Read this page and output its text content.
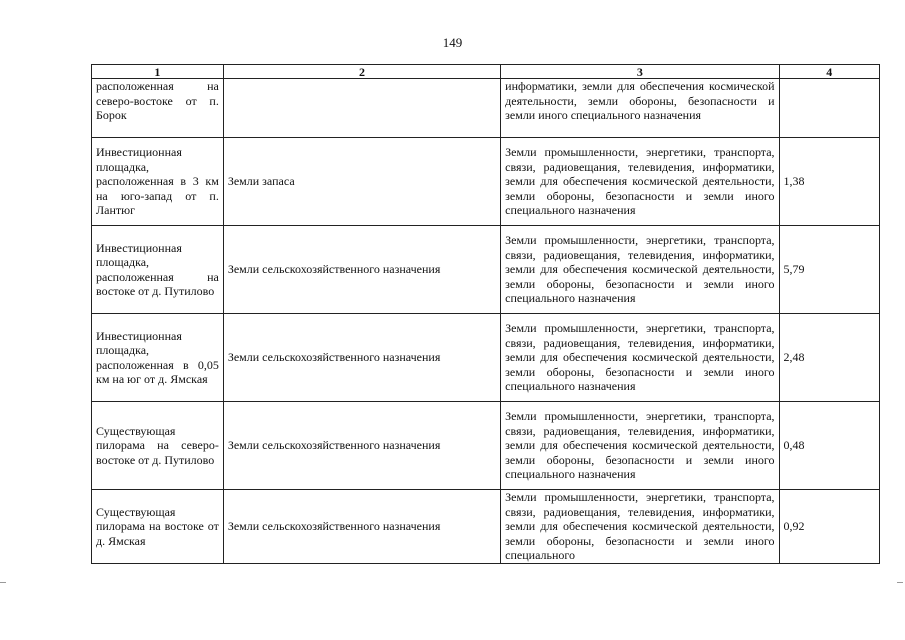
149
1	2	3	4
расположенная на северо-востоке от п. Борок		информатики, земли для обеспечения космической деятельности, земли обороны, безопасности и земли иного специального назначения	
Инвестиционная площадка, расположенная в 3 км на юго-запад от п. Лантюг	Земли запаса	Земли промышленности, энергетики, транспорта, связи, радиовещания, телевидения, информатики, земли для обеспечения космической деятельности, земли обороны, безопасности и земли иного специального назначения	1,38
Инвестиционная площадка, расположенная на востоке от д. Путилово	Земли сельскохозяйственного назначения	Земли промышленности, энергетики, транспорта, связи, радиовещания, телевидения, информатики, земли для обеспечения космической деятельности, земли обороны, безопасности и земли иного специального назначения	5,79
Инвестиционная площадка, расположенная в 0,05 км на юг от д. Ямская	Земли сельскохозяйственного назначения	Земли промышленности, энергетики, транспорта, связи, радиовещания, телевидения, информатики, земли для обеспечения космической деятельности, земли обороны, безопасности и земли иного специального назначения	2,48
Существующая пилорама на северо-востоке от д. Путилово	Земли сельскохозяйственного назначения	Земли промышленности, энергетики, транспорта, связи, радиовещания, телевидения, информатики, земли для обеспечения космической деятельности, земли обороны, безопасности и земли иного специального назначения	0,48
Существующая пилорама на востоке от д. Ямская	Земли сельскохозяйственного назначения	Земли промышленности, энергетики, транспорта, связи, радиовещания, телевидения, информатики, земли для обеспечения космической деятельности, земли обороны, безопасности и земли иного специального	0,92
